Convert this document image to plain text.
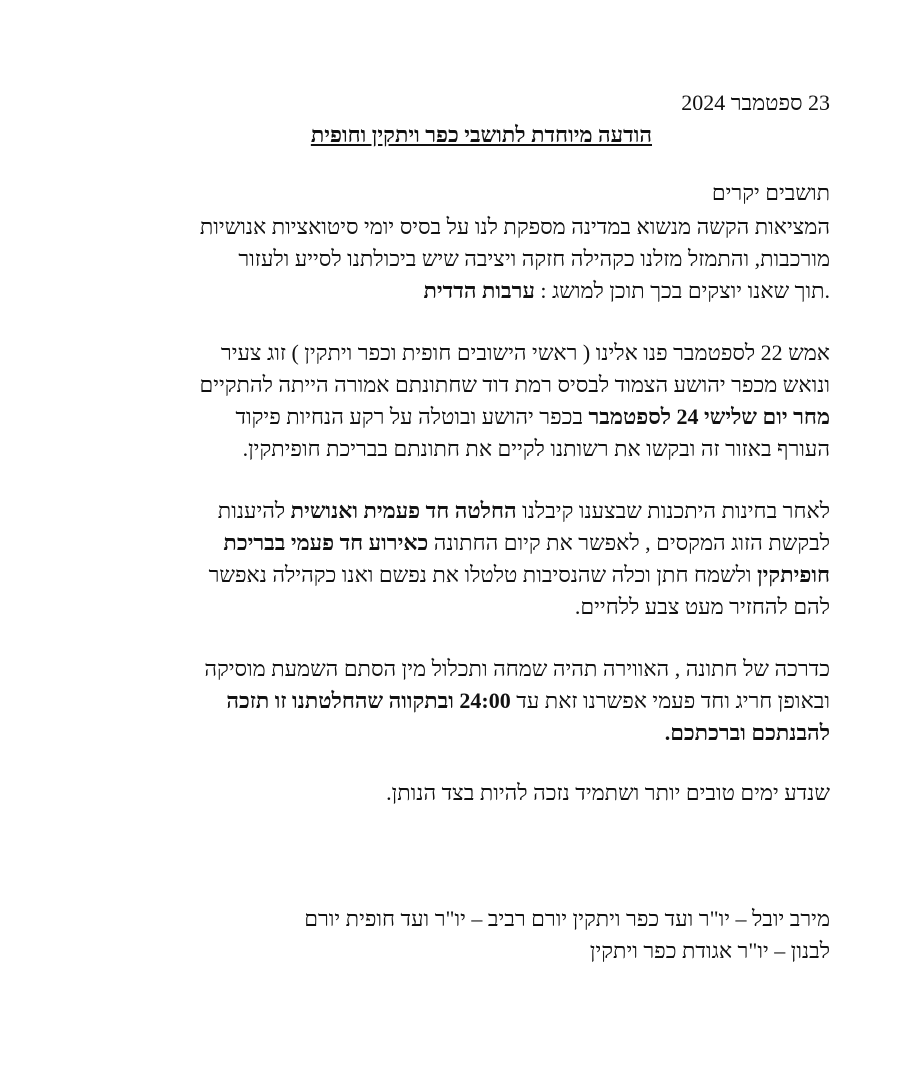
23 ספטמבר 2024
הודעה מיוחדת לתושבי כפר ויתקין וחופית
תושבים יקרים
המציאות הקשה מנשוא במדינה מספקת לנו על בסיס יומי סיטואציות אנושיות
מורכבות, והתמזל מזלנו כקהילה חזקה ויציבה שיש ביכולתנו לסייע ולעזור
.תוך שאנו יוצקים בכך תוכן למושג : ערבות הדדית
אמש 22 לספטמבר פנו אלינו ( ראשי הישובים חופית וכפר ויתקין ) זוג צעיר
ונואש מכפר יהושע הצמוד לבסיס רמת דוד שחתונתם אמורה הייתה להתקיים
מחר יום שלישי 24 לספטמבר בכפר יהושע ובוטלה על רקע הנחיות פיקוד
העורף באזור זה ובקשו את רשותנו לקיים את חתונתם בבריכת חופיתקין.
לאחר בחינות היתכנות שבצענו קיבלנו החלטה חד פעמית ואנושית להיענות
לבקשת הזוג המקסים , לאפשר את קיום החתונה כאירוע חד פעמי בבריכת
חופיתקין ולשמח חתן וכלה שהנסיבות טלטלו את נפשם ואנו כקהילה נאפשר
להם להחזיר מעט צבע ללחיים.
כדרכה של חתונה , האווירה תהיה שמחה ותכלול מין הסתם השמעת מוסיקה
ובאופן חריג וחד פעמי אפשרנו זאת עד 24:00 ובתקווה שהחלטתנו זו תזכה
להבנתכם וברכתכם.
שנדע ימים טובים יותר ושתמיד נזכה להיות בצד הנותן.
מירב יובל – יו"ר ועד כפר ויתקין יורם רביב – יו"ר ועד חופית יורם
לבנון – יו"ר אגודת כפר ויתקין
